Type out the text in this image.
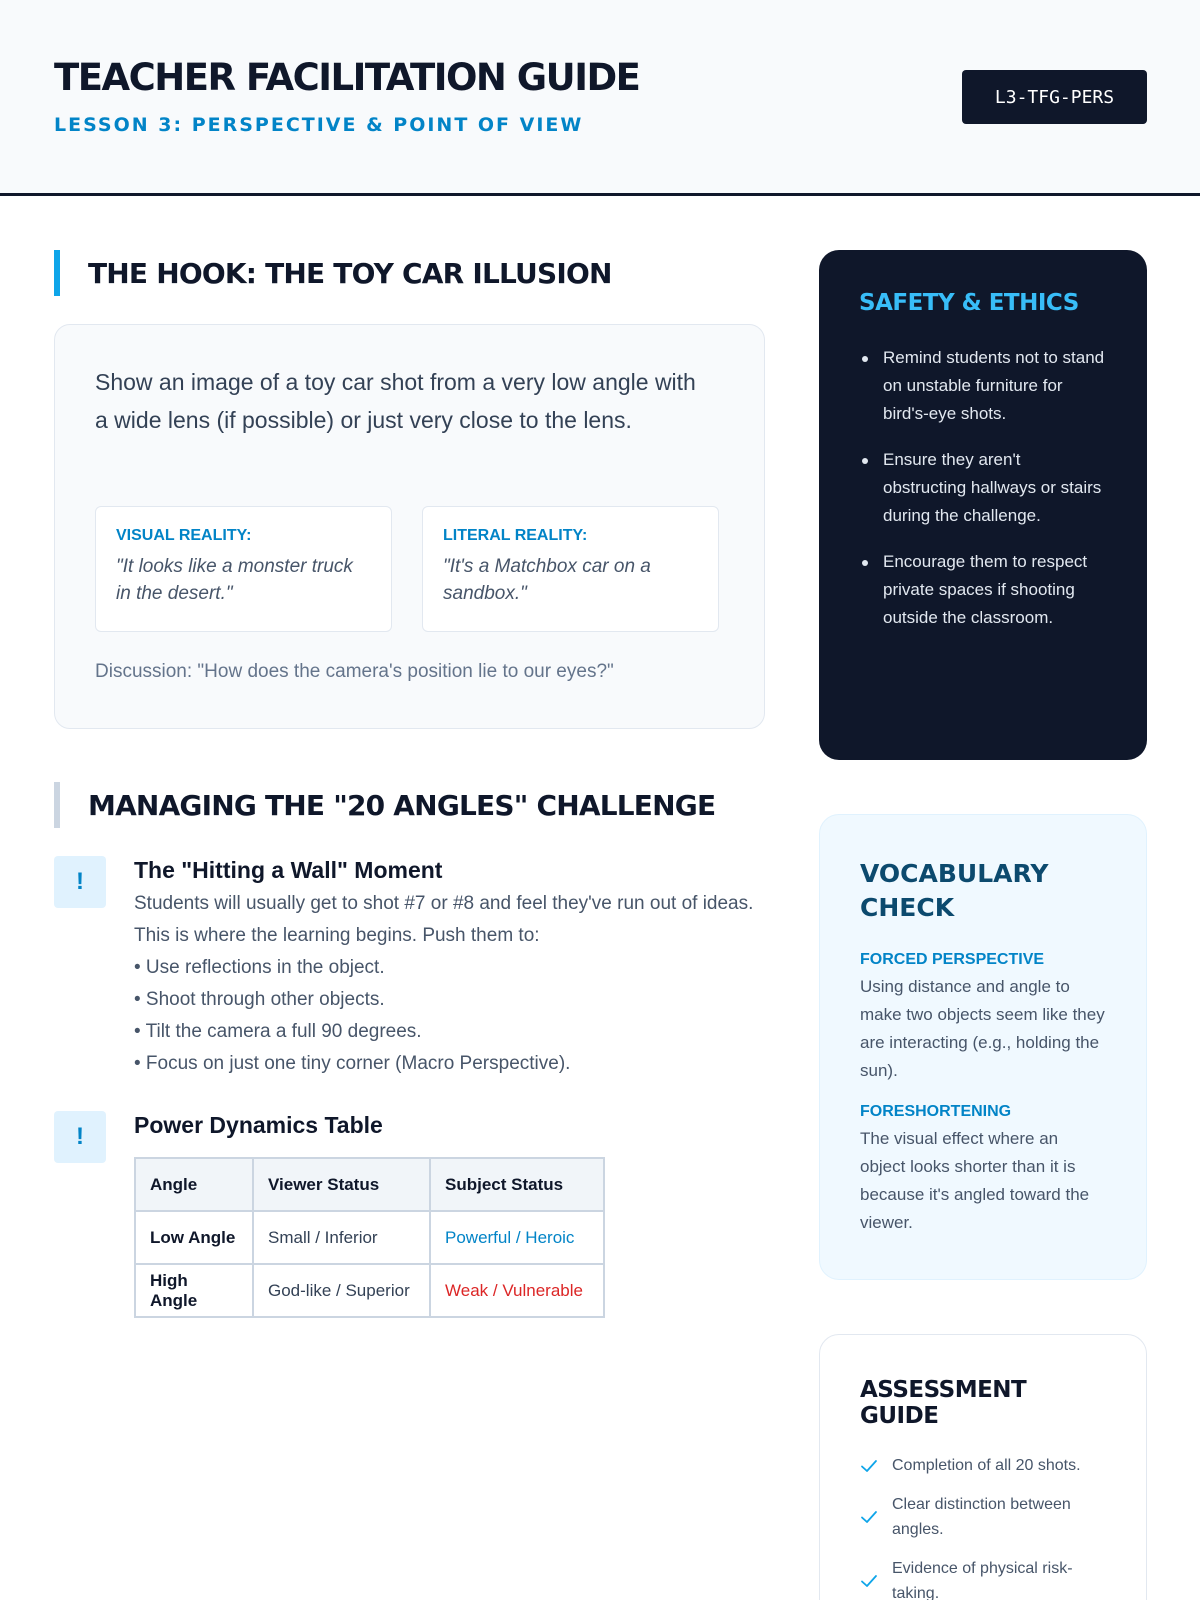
TEACHER FACILITATION GUIDE
LESSON 3: PERSPECTIVE & POINT OF VIEW
L3-TFG-PERS
THE HOOK: THE TOY CAR ILLUSION
Show an image of a toy car shot from a very low angle with a wide lens (if possible) or just very close to the lens.
VISUAL REALITY:
"It looks like a monster truck in the desert."
LITERAL REALITY:
"It's a Matchbox car on a sandbox."
Discussion: "How does the camera's position lie to our eyes?"
MANAGING THE "20 ANGLES" CHALLENGE
!	The "Hitting a Wall" Moment
Students will usually get to shot #7 or #8 and feel they've run out of ideas. This is where the learning begins. Push them to:
• Use reflections in the object.
• Shoot through other objects.
• Tilt the camera a full 90 degrees.
• Focus on just one tiny corner (Macro Perspective).
!	Power Dynamics Table
Angle	Viewer Status	Subject Status
Low Angle	Small / Inferior	Powerful / Heroic
High Angle	God-like / Superior	Weak / Vulnerable
SAFETY & ETHICS
Remind students not to stand on unstable furniture for bird's-eye shots.
Ensure they aren't obstructing hallways or stairs during the challenge.
Encourage them to respect private spaces if shooting outside the classroom.
VOCABULARY CHECK
FORCED PERSPECTIVE
Using distance and angle to make two objects seem like they are interacting (e.g., holding the sun).
FORESHORTENING
The visual effect where an object looks shorter than it is because it's angled toward the viewer.
ASSESSMENT GUIDE
Completion of all 20 shots.
Clear distinction between angles.
Evidence of physical risk-taking.
